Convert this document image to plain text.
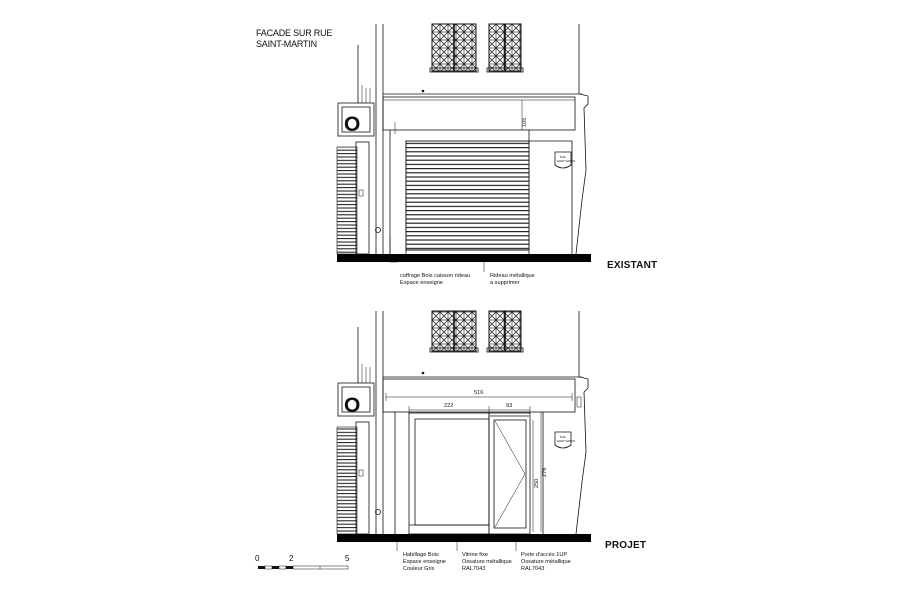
FACADE SUR RUE
SAINT-MARTIN
O	105
RUE
SAINT MARTIN
EXISTANT
coffrage Bois caisson rideau
Espace enseigne
Rideau métallique
a supprimer
O
516
222	93
250
276
RUE
SAINT MARTIN
PROJET
Habillage Bois
Espace enseigne
Couleur Gris
Vitrine fixe
Ossature métallique
RAL7043
Porte d'accès 1UP
Ossature métallique
RAL7043
0	2	5
